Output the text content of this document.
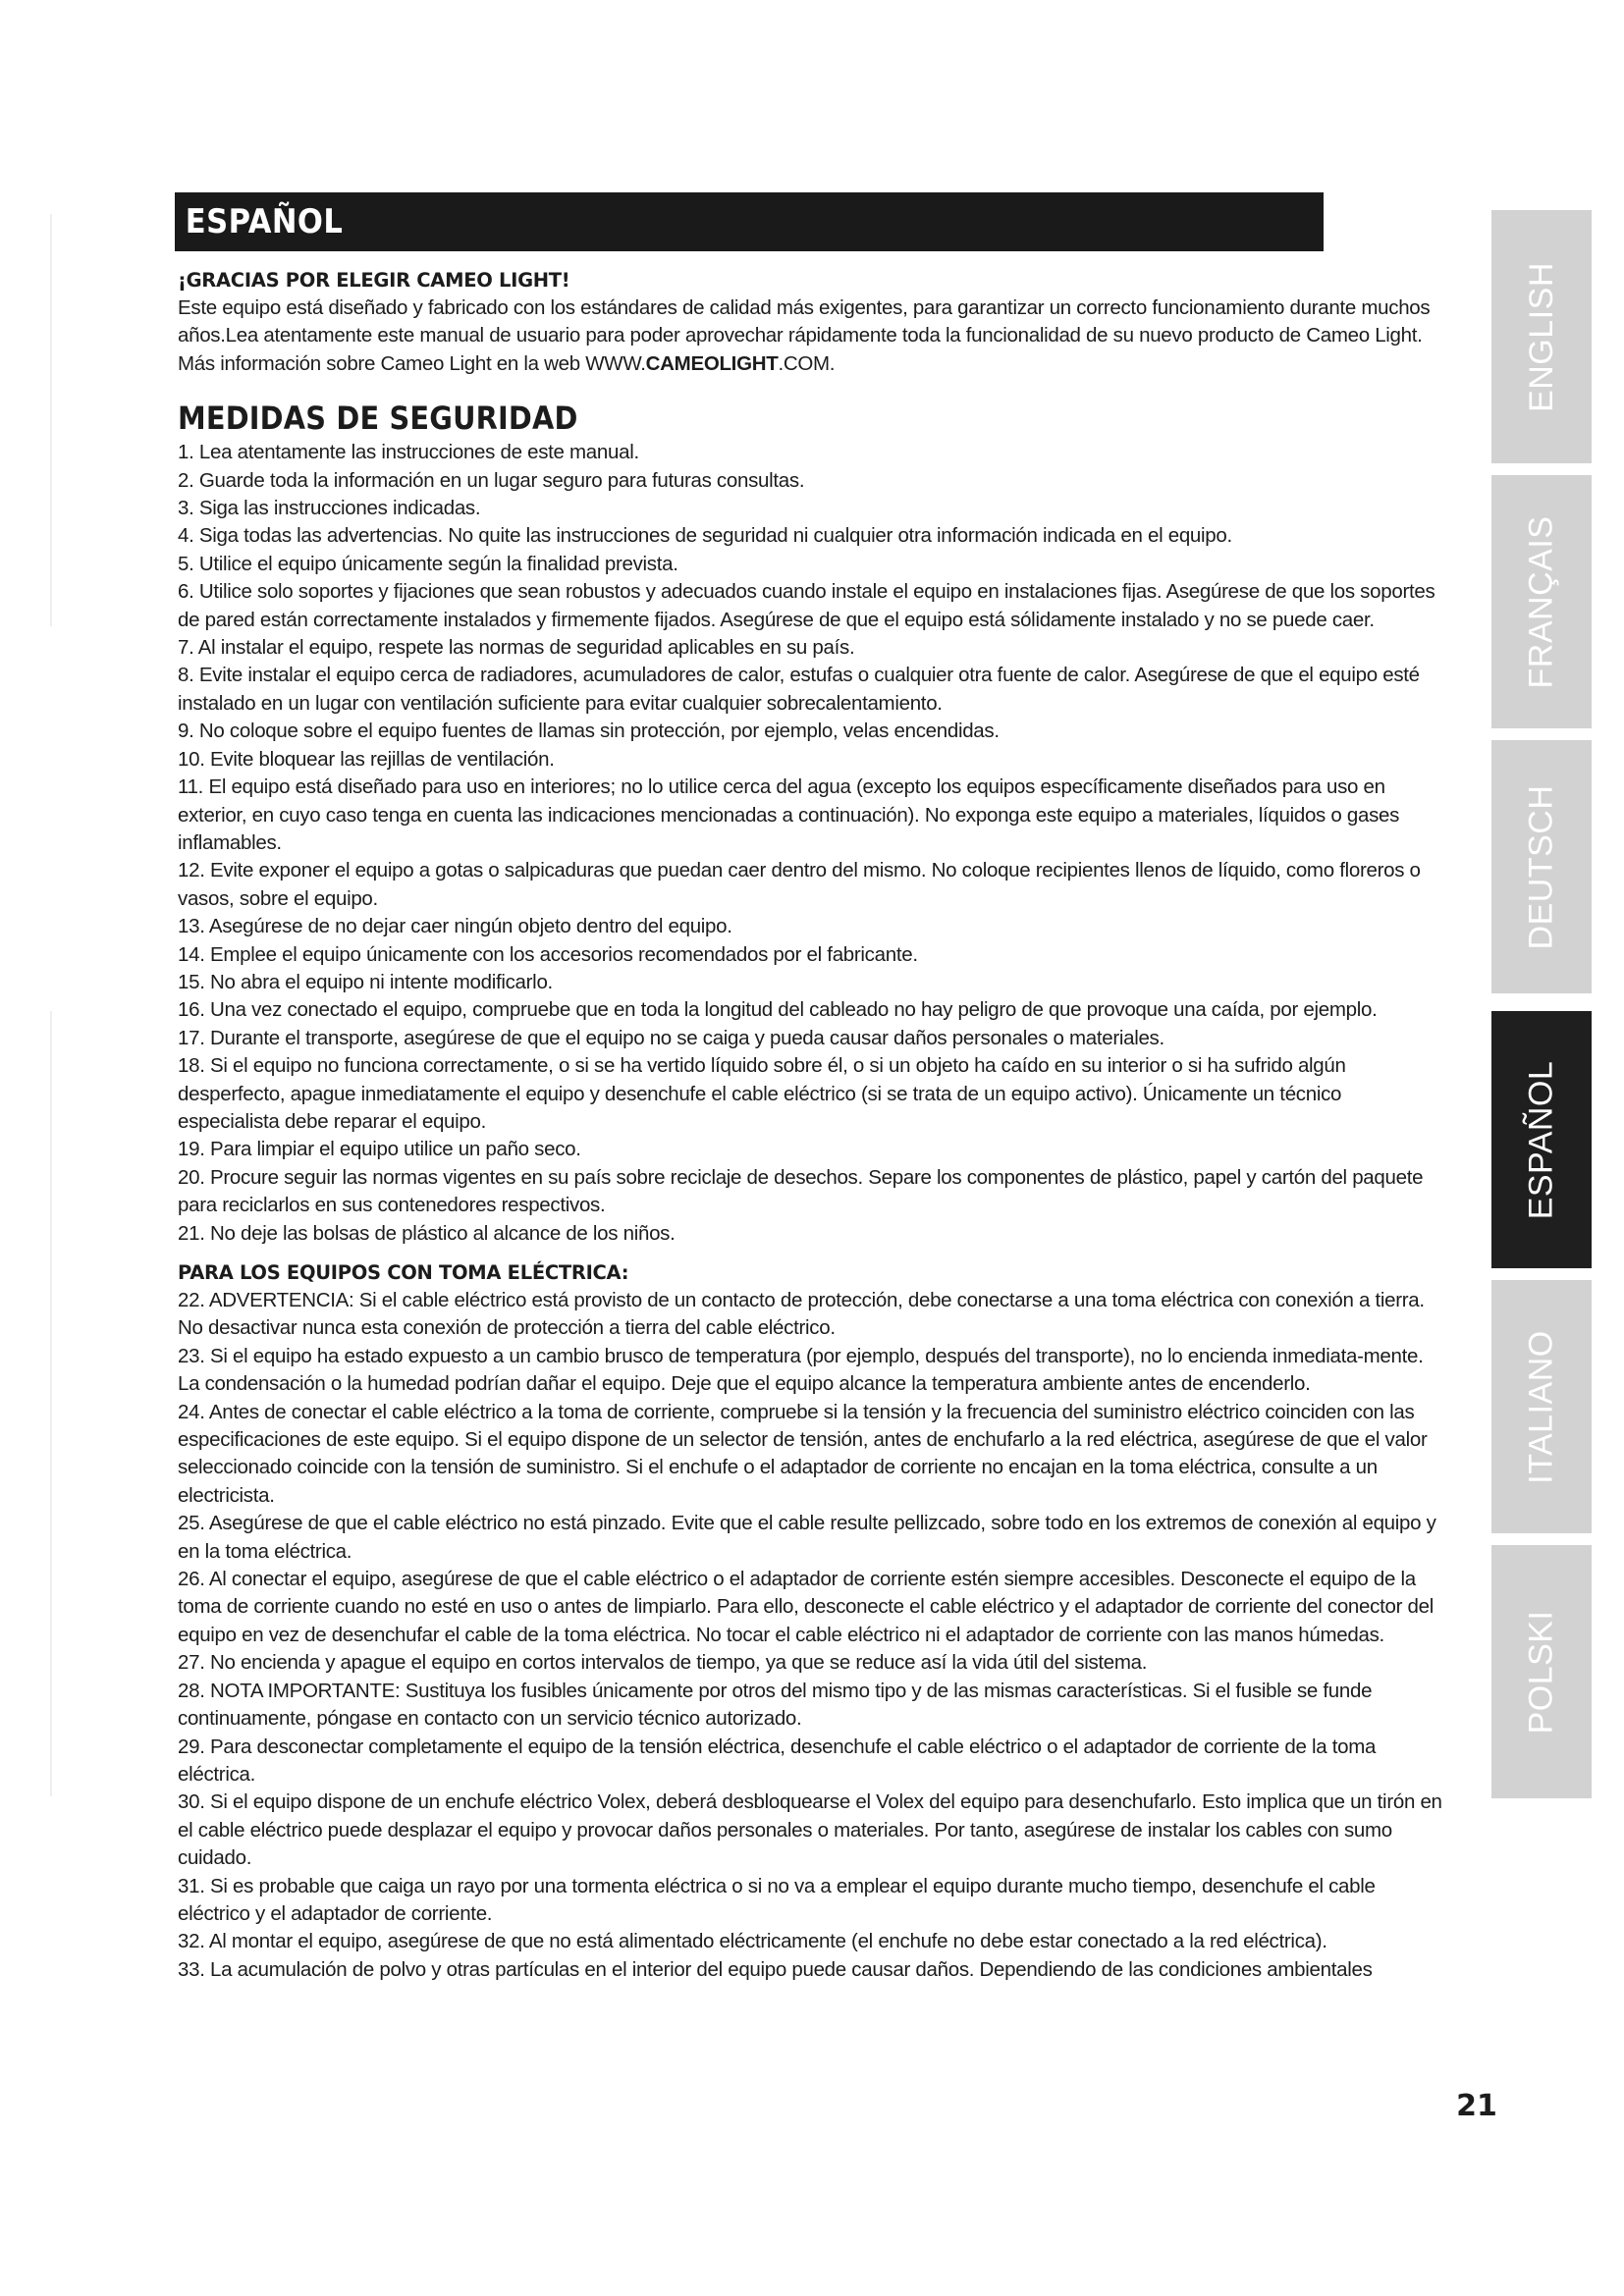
ESPAÑOL
¡GRACIAS POR ELEGIR CAMEO LIGHT!

Este equipo está diseñado y fabricado con los estándares de calidad más exigentes, para garantizar un correcto funcionamiento durante muchos años.Lea atentamente este manual de usuario para poder aprovechar rápidamente toda la funcionalidad de su nuevo producto de Cameo Light. Más información sobre Cameo Light en la web WWW.CAMEOLIGHT.COM.

MEDIDAS DE SEGURIDAD
1. Lea atentamente las instrucciones de este manual.
2. Guarde toda la información en un lugar seguro para futuras consultas.
3. Siga las instrucciones indicadas.
4. Siga todas las advertencias. No quite las instrucciones de seguridad ni cualquier otra información indicada en el equipo.
5. Utilice el equipo únicamente según la finalidad prevista.
6. Utilice solo soportes y fijaciones que sean robustos y adecuados cuando instale el equipo en instalaciones fijas. Asegúrese de que los soportes de pared están correctamente instalados y firmemente fijados. Asegúrese de que el equipo está sólidamente instalado y no se puede caer.
7. Al instalar el equipo, respete las normas de seguridad aplicables en su país.
8. Evite instalar el equipo cerca de radiadores, acumuladores de calor, estufas o cualquier otra fuente de calor. Asegúrese de que el equipo esté instalado en un lugar con ventilación suficiente para evitar cualquier sobrecalentamiento.
9. No coloque sobre el equipo fuentes de llamas sin protección, por ejemplo, velas encendidas.
10. Evite bloquear las rejillas de ventilación.
11. El equipo está diseñado para uso en interiores; no lo utilice cerca del agua (excepto los equipos específicamente diseñados para uso en exterior, en cuyo caso tenga en cuenta las indicaciones mencionadas a continuación). No exponga este equipo a materiales, líquidos o gases inflamables.
12. Evite exponer el equipo a gotas o salpicaduras que puedan caer dentro del mismo. No coloque recipientes llenos de líquido, como floreros o vasos, sobre el equipo.
13. Asegúrese de no dejar caer ningún objeto dentro del equipo.
14. Emplee el equipo únicamente con los accesorios recomendados por el fabricante.
15. No abra el equipo ni intente modificarlo.
16. Una vez conectado el equipo, compruebe que en toda la longitud del cableado no hay peligro de que provoque una caída, por ejemplo.
17. Durante el transporte, asegúrese de que el equipo no se caiga y pueda causar daños personales o materiales.
18. Si el equipo no funciona correctamente, o si se ha vertido líquido sobre él, o si un objeto ha caído en su interior o si ha sufrido algún desperfecto, apague inmediatamente el equipo y desenchufe el cable eléctrico (si se trata de un equipo activo). Únicamente un técnico especialista debe reparar el equipo.
19. Para limpiar el equipo utilice un paño seco.
20. Procure seguir las normas vigentes en su país sobre reciclaje de desechos. Separe los componentes de plástico, papel y cartón del paquete para reciclarlos en sus contenedores respectivos.
21. No deje las bolsas de plástico al alcance de los niños.
PARA LOS EQUIPOS CON TOMA ELÉCTRICA:
22. ADVERTENCIA: Si el cable eléctrico está provisto de un contacto de protección, debe conectarse a una toma eléctrica con conexión a tierra. No desactivar nunca esta conexión de protección a tierra del cable eléctrico.
23. Si el equipo ha estado expuesto a un cambio brusco de temperatura (por ejemplo, después del transporte), no lo encienda inmediata-mente. La condensación o la humedad podrían dañar el equipo. Deje que el equipo alcance la temperatura ambiente antes de encenderlo.
24. Antes de conectar el cable eléctrico a la toma de corriente, compruebe si la tensión y la frecuencia del suministro eléctrico coinciden con las especificaciones de este equipo. Si el equipo dispone de un selector de tensión, antes de enchufarlo a la red eléctrica, asegúrese de que el valor seleccionado coincide con la tensión de suministro. Si el enchufe o el adaptador de corriente no encajan en la toma eléctrica, consulte a un electricista.
25. Asegúrese de que el cable eléctrico no está pinzado. Evite que el cable resulte pellizcado, sobre todo en los extremos de conexión al equipo y en la toma eléctrica.
26. Al conectar el equipo, asegúrese de que el cable eléctrico o el adaptador de corriente estén siempre accesibles. Desconecte el equipo de la toma de corriente cuando no esté en uso o antes de limpiarlo. Para ello, desconecte el cable eléctrico y el adaptador de corriente del conector del equipo en vez de desenchufar el cable de la toma eléctrica. No tocar el cable eléctrico ni el adaptador de corriente con las manos húmedas.
27. No encienda y apague el equipo en cortos intervalos de tiempo, ya que se reduce así la vida útil del sistema.
28. NOTA IMPORTANTE: Sustituya los fusibles únicamente por otros del mismo tipo y de las mismas características. Si el fusible se funde continuamente, póngase en contacto con un servicio técnico autorizado.
29. Para desconectar completamente el equipo de la tensión eléctrica, desenchufe el cable eléctrico o el adaptador de corriente de la toma eléctrica.
30. Si el equipo dispone de un enchufe eléctrico Volex, deberá desbloquearse el Volex del equipo para desenchufarlo. Esto implica que un tirón en el cable eléctrico puede desplazar el equipo y provocar daños personales o materiales. Por tanto, asegúrese de instalar los cables con sumo cuidado.
31. Si es probable que caiga un rayo por una tormenta eléctrica o si no va a emplear el equipo durante mucho tiempo, desenchufe el cable eléctrico y el adaptador de corriente.
32. Al montar el equipo, asegúrese de que no está alimentado eléctricamente (el enchufe no debe estar conectado a la red eléctrica).
33. La acumulación de polvo y otras partículas en el interior del equipo puede causar daños. Dependiendo de las condiciones ambientales
ENGLISH
FRANÇAIS
DEUTSCH
ESPAÑOL
ITALIANO
POLSKI
21
